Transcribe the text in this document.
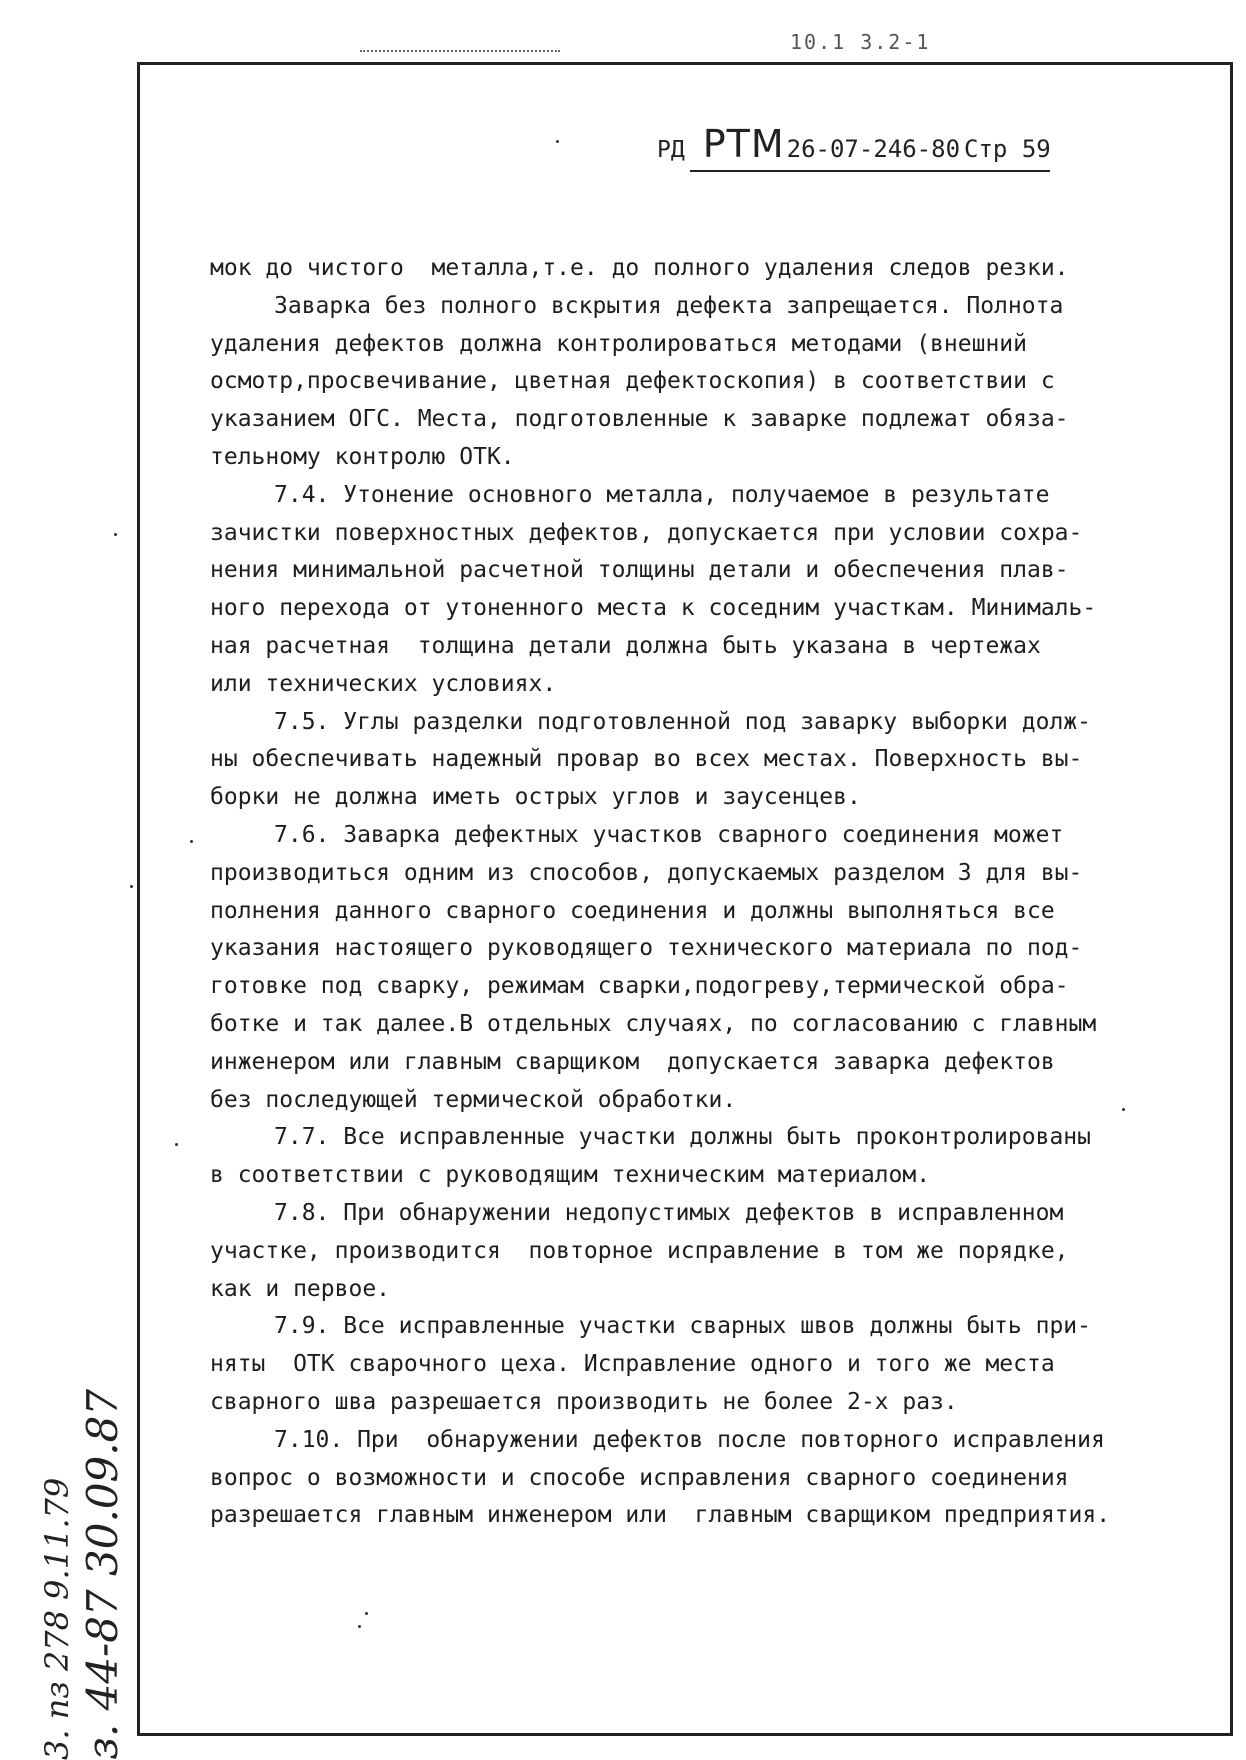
10.1 3.2-1
РД РТМ 26-07-246-80 Стр 59
мок до чистого  металла,т.е. до полного удаления следов резки.
Заварка без полного вскрытия дефекта запрещается. Полнота
удаления дефектов должна контролироваться методами (внешний
осмотр,просвечивание, цветная дефектоскопия) в соответствии с
указанием ОГС. Места, подготовленные к заварке подлежат обяза-
тельному контролю ОТК.
7.4. Утонение основного металла, получаемое в результате
зачистки поверхностных дефектов, допускается при условии сохра-
нения минимальной расчетной толщины детали и обеспечения плав-
ного перехода от утоненного места к соседним участкам. Минималь-
ная расчетная  толщина детали должна быть указана в чертежах
или технических условиях.
7.5. Углы разделки подготовленной под заварку выборки долж-
ны обеспечивать надежный провар во всех местах. Поверхность вы-
борки не должна иметь острых углов и заусенцев.
7.6. Заварка дефектных участков сварного соединения может
производиться одним из способов, допускаемых разделом 3 для вы-
полнения данного сварного соединения и должны выполняться все
указания настоящего руководящего технического материала по под-
готовке под сварку, режимам сварки,подогреву,термической обра-
ботке и так далее.В отдельных случаях, по согласованию с главным
инженером или главным сварщиком  допускается заварка дефектов
без последующей термической обработки.
7.7. Все исправленные участки должны быть проконтролированы
в соответствии с руководящим техническим материалом.
7.8. При обнаружении недопустимых дефектов в исправленном
участке, производится  повторное исправление в том же порядке,
как и первое.
7.9. Все исправленные участки сварных швов должны быть при-
няты  ОТК сварочного цеха. Исправление одного и того же места
сварного шва разрешается производить не более 2-х раз.
7.10. При  обнаружении дефектов после повторного исправления
вопрос о возможности и способе исправления сварного соединения
разрешается главным инженером или  главным сварщиком предприятия.
3. пз 278 9.11.79 з. 44-87 30.09.87
